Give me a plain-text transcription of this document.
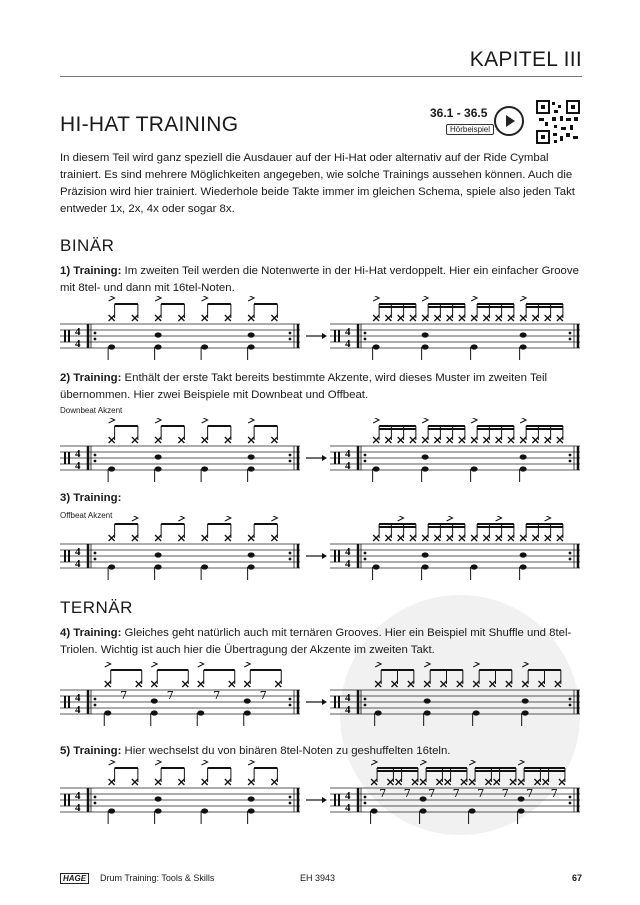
KAPITEL III
HI-HAT TRAINING	36.1 - 36.5
Hörbeispiel

In diesem Teil wird ganz speziell die Ausdauer auf der Hi-Hat oder alternativ auf der Ride Cymbal trainiert. Es sind mehrere Möglichkeiten angegeben, wie solche Trainings aussehen können. Auch die Präzision wird hier trainiert. Wiederhole beide Takte immer im gleichen Schema, spiele also jeden Takt entweder 1x, 2x, 4x oder sogar 8x.

BINÄR

1) Training: Im zweiten Teil werden die Notenwerte in der Hi-Hat verdoppelt. Hier ein einfacher Groove mit 8tel- und dann mit 16tel-Noten.

4
4
4
4

2) Training: Enthält der erste Takt bereits bestimmte Akzente, wird dieses Muster im zweiten Teil übernommen. Hier zwei Beispiele mit Downbeat und Offbeat.

Downbeat Akzent
4
4
4
4

3) Training:

Offbeat Akzent
4
4
4
4
TERNÄR

4) Training: Gleiches geht natürlich auch mit ternären Grooves. Hier ein Beispiel mit Shuffle und 8tel-Triolen. Wichtig ist auch hier die Übertragung der Akzente im zweiten Takt.

4
4
7	7	7	7	4
4

5) Training: Hier wechselst du von binären 8tel-Noten zu geshuffelten 16teln.

4
4
4
4
7 7 7 7 7 7 7 7
HAGE	Drum Training: Tools & Skills	EH 3943	67
